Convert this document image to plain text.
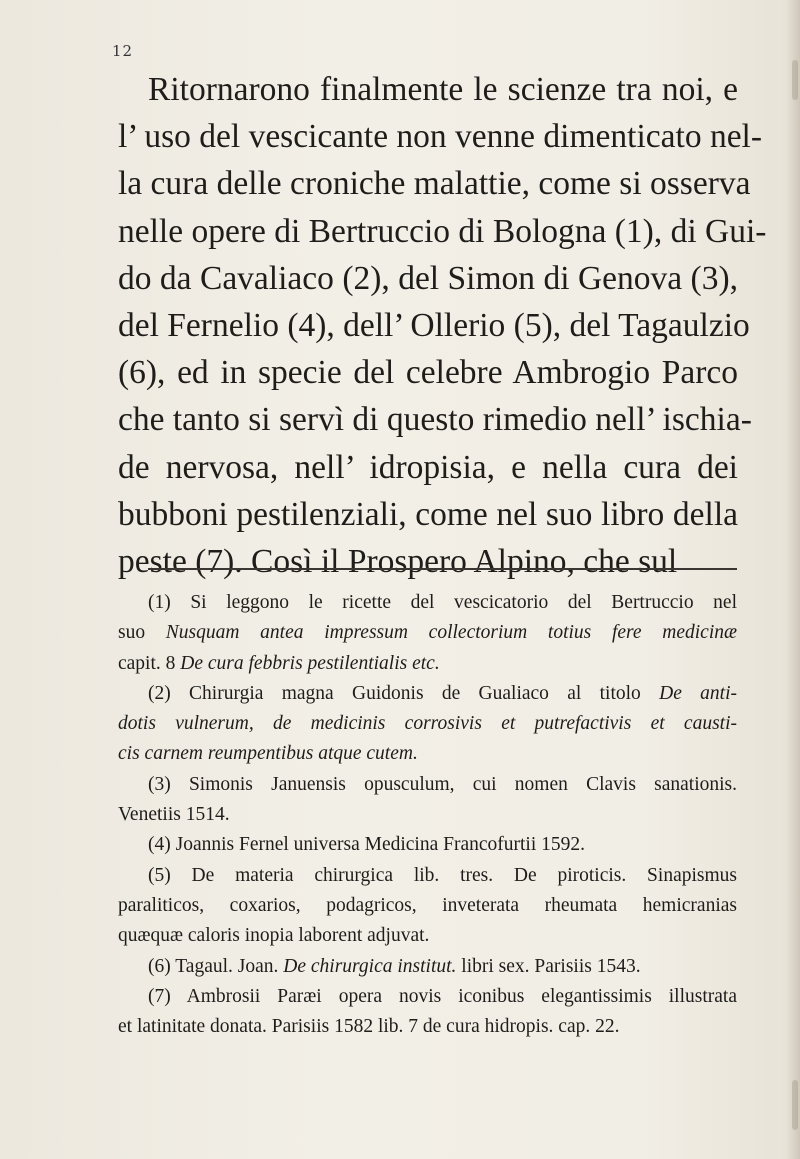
12
Ritornarono finalmente le scienze tra noi, e
l’ uso del vescicante non venne dimenticato nel-
la cura delle croniche malattie, come si osserva
nelle opere di Bertruccio di Bologna (1), di Gui-
do da Cavaliaco (2), del Simon di Genova (3),
del Fernelio (4), dell’ Ollerio (5), del Tagaulzio
(6), ed in specie del celebre Ambrogio Parco
che tanto si servì di questo rimedio nell’ ischia-
de nervosa, nell’ idropisia, e nella cura dei
bubboni pestilenziali, come nel suo libro della
peste (7). Così il Prospero Alpino, che sul
(1) Si leggono le ricette del vescicatorio del Bertruccio nel
suo Nusquam antea impressum collectorium totius fere medicinæ
capit. 8 De cura febbris pestilentialis etc.
(2) Chirurgia magna Guidonis de Gualiaco al titolo De anti-
dotis vulnerum, de medicinis corrosivis et putrefactivis et causti-
cis carnem reumpentibus atque cutem.
(3) Simonis Januensis opusculum, cui nomen Clavis sanationis.
Venetiis 1514.
(4) Joannis Fernel universa Medicina Francofurtii 1592.
(5) De materia chirurgica lib. tres. De piroticis. Sinapismus
paraliticos, coxarios, podagricos, inveterata rheumata hemicranias
quæquæ caloris inopia laborent adjuvat.
(6) Tagaul. Joan. De chirurgica institut. libri sex. Parisiis 1543.
(7) Ambrosii Paræi opera novis iconibus elegantissimis illustrata
et latinitate donata. Parisiis 1582 lib. 7 de cura hidropis. cap. 22.
